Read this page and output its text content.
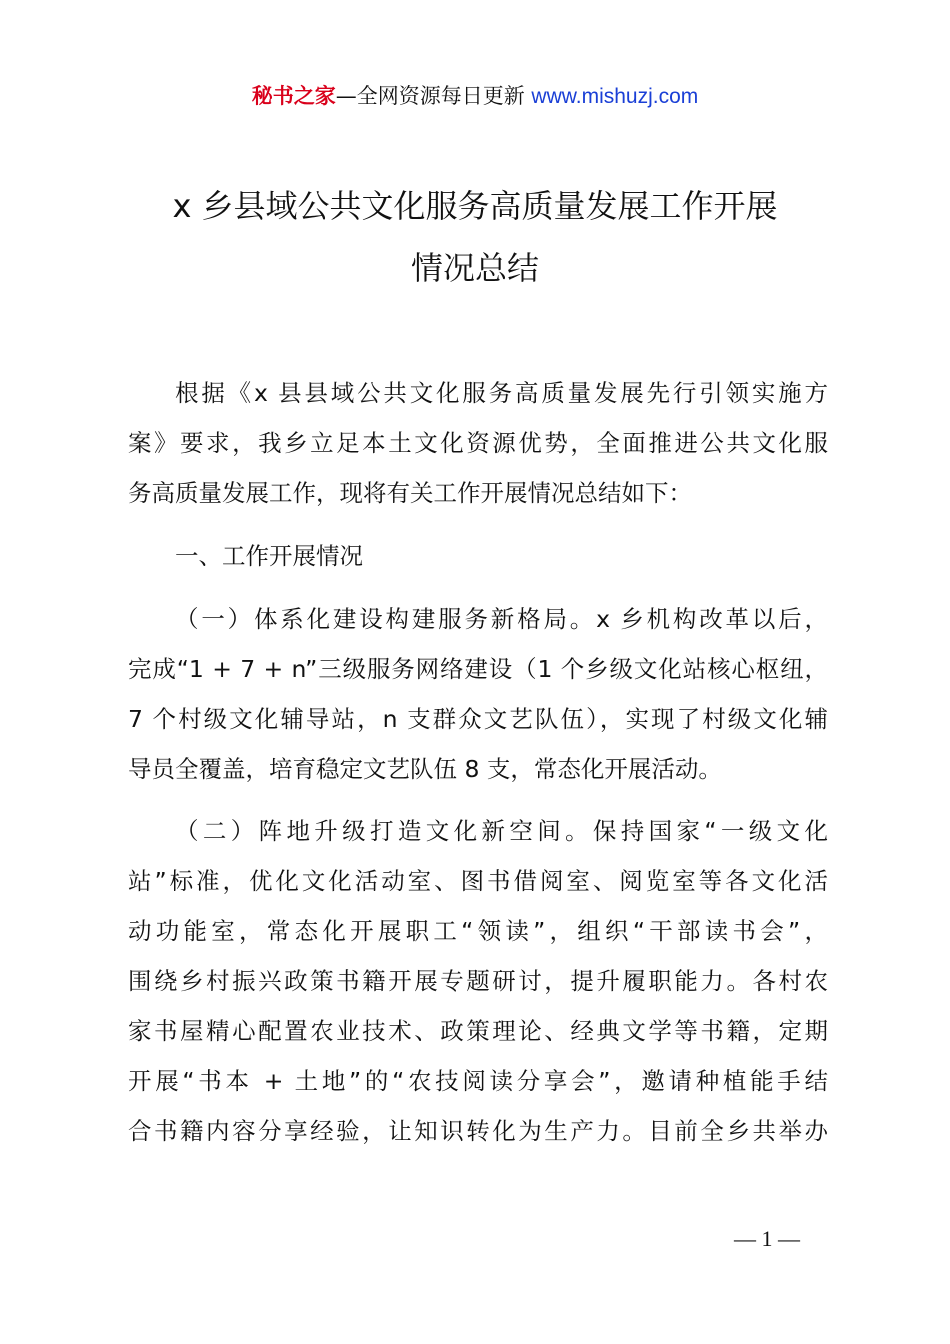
秘书之家—全网资源每日更新 www.mishuzj.com
x 乡县域公共文化服务高质量发展工作开展
情况总结
根据《x 县县域公共文化服务高质量发展先行引领实施方
案》要求，我乡立足本土文化资源优势，全面推进公共文化服
务高质量发展工作，现将有关工作开展情况总结如下：
一、工作开展情况
（一）体系化建设构建服务新格局。x 乡机构改革以后，
完成“1 + 7 + n”三级服务网络建设（1 个乡级文化站核心枢纽，
7 个村级文化辅导站，n 支群众文艺队伍），实现了村级文化辅
导员全覆盖，培育稳定文艺队伍 8 支，常态化开展活动。
（二）阵地升级打造文化新空间。保持国家“一级文化
站”标准，优化文化活动室、图书借阅室、阅览室等各文化活
动功能室，常态化开展职工“领读”，组织“干部读书会”，
围绕乡村振兴政策书籍开展专题研讨，提升履职能力。各村农
家书屋精心配置农业技术、政策理论、经典文学等书籍，定期
开展“书本 + 土地”的“农技阅读分享会”，邀请种植能手结
合书籍内容分享经验，让知识转化为生产力。目前全乡共举办
— 1 —
